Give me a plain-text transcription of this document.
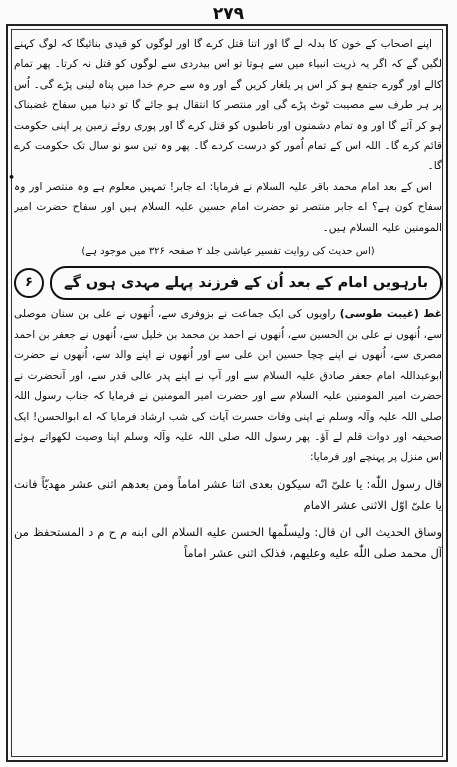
۲۷۹
•

اپنے اصحاب کے خون کا بدلہ لے گا اور اتنا قتل کرے گا اور لوگوں کو قیدی بنائیگا کہ لوگ کہنے لگیں گے کہ اگر یہ ذریت انبیاء میں سے ہوتا تو اس بیدردی سے لوگوں کو قتل نہ کرتا۔ پھر تمام کالے اور گورے جتمع ہو کر اس پر یلغار کریں گے اور وہ سے حرم خدا میں پناہ لینی پڑے گی۔ اُس پر ہر طرف سے مصیبت ٹوٹ پڑے گی اور منتصر کا انتقال ہو جائے گا تو دنیا میں سفاح غضبناک ہو کر آئے گا اور وہ تمام دشمنوں اور ناطبوں کو قتل کرے گا اور پوری روئے زمین پر اپنی حکومت قائم کرے گا۔ اللہ اس کے تمام اُمور کو درست کردے گا۔ پھر وہ تین سو نو سال تک حکومت کرے گا۔

اس کے بعد امام محمد باقر علیہ السلام نے فرمایا: اے جابر! تمہیں معلوم ہے وہ منتصر اور وہ سفاح کون ہے؟ اے جابر منتصر تو حضرت امام حسین علیہ السلام ہیں اور سفاح حضرت امیر المومنین علیہ السلام ہیں۔

(اس حدیث کی روایت تفسیر عیاشی جلد ۲ صفحہ ۳۲۶ میں موجود ہے)

بارہویں امام کے بعد اُن کے فرزند پہلے مہدی ہوں گے
۶

غط (غیبت طوسی) راویوں کی ایک جماعت نے بزوفری سے، اُنھوں نے علی بن سنان موصلی سے، اُنھوں نے علی بن الحسین سے، اُنھوں نے احمد بن محمد بن خلیل سے، اُنھوں نے جعفر بن احمد مصری سے، اُنھوں نے اپنے چچا حسین ابن علی سے اور اُنھوں نے اپنے والد سے، اُنھوں نے حضرت ابوعبداللہ امام جعفر صادق علیہ السلام سے اور آپ نے اپنے پدر عالی قدر سے، اور آنحضرت نے حضرت امیر المومنین علیہ السلام سے اور حضرت امیر المومنین نے فرمایا کہ جناب رسول اللہ صلی اللہ علیہ وآلہ وسلم نے اپنی وفات حسرت آیات کی شب ارشاد فرمایا کہ اے ابوالحسن! ایک صحیفہ اور دوات قلم لے آؤ۔ پھر رسول اللہ صلی اللہ علیہ وآلہ وسلم اپنا وصیت لکھواتے ہوئے اس منزل پر پہنچے اور فرمایا:

قال رسول اللّٰه: یا علیّ انّه سیکون بعدی اثنا عشر اماماً ومن بعدهم اثنی عشر مهدیّاً فانت یا علیّ اوّل الاثنی عشر الامام

وساق الحدیث الی ان قال: ولیسلّمها الحسن علیه السلام الی ابنه م ح م د المستحفظ من آل محمد صلی اللّٰه علیه وعلیهم، فذلک اثنی عشر اماماً
